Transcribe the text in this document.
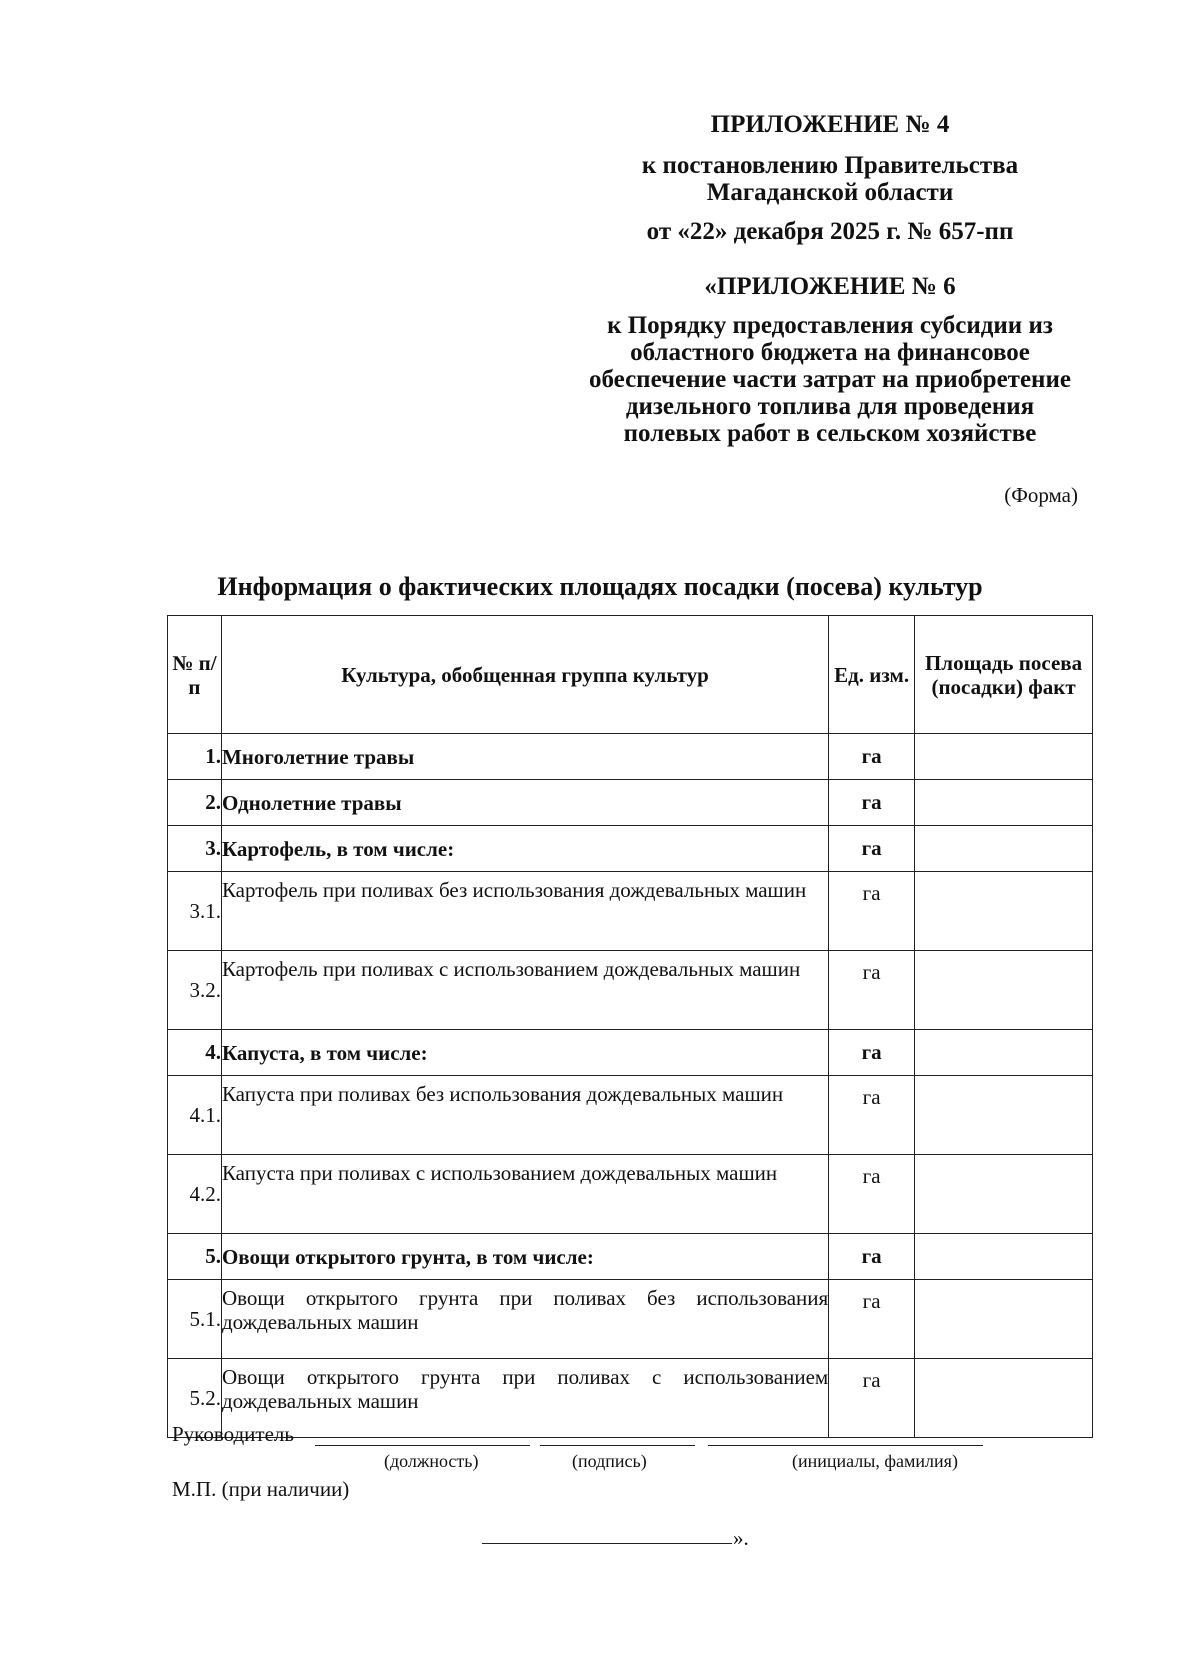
ПРИЛОЖЕНИЕ № 4
к постановлению Правительства Магаданской области
от «22» декабря 2025 г. № 657-пп
«ПРИЛОЖЕНИЕ № 6
к Порядку предоставления субсидии из областного бюджета на финансовое обеспечение части затрат на приобретение дизельного топлива для проведения полевых работ в сельском хозяйстве
(Форма)
Информация о фактических площадях посадки (посева) культур
№ п/п	Культура, обобщенная группа культур	Ед. изм.	Площадь посева (посадки) факт
1.	Многолетние травы	га	
2.	Однолетние травы	га	
3.	Картофель, в том числе:	га	
3.1.	Картофель при поливах без использования дождевальных машин	га	
3.2.	Картофель при поливах с использованием дождевальных машин	га	
4.	Капуста, в том числе:	га	
4.1.	Капуста при поливах без использования дождевальных машин	га	
4.2.	Капуста при поливах с использованием дождевальных машин	га	
5.	Овощи открытого грунта, в том числе:	га	
5.1.	Овощи открытого грунта при поливах без использования дождевальных машин	га	
5.2.	Овощи открытого грунта при поливах с использованием дождевальных машин	га	
Руководитель
(должность)	(подпись)	(инициалы, фамилия)
М.П. (при наличии)
».
